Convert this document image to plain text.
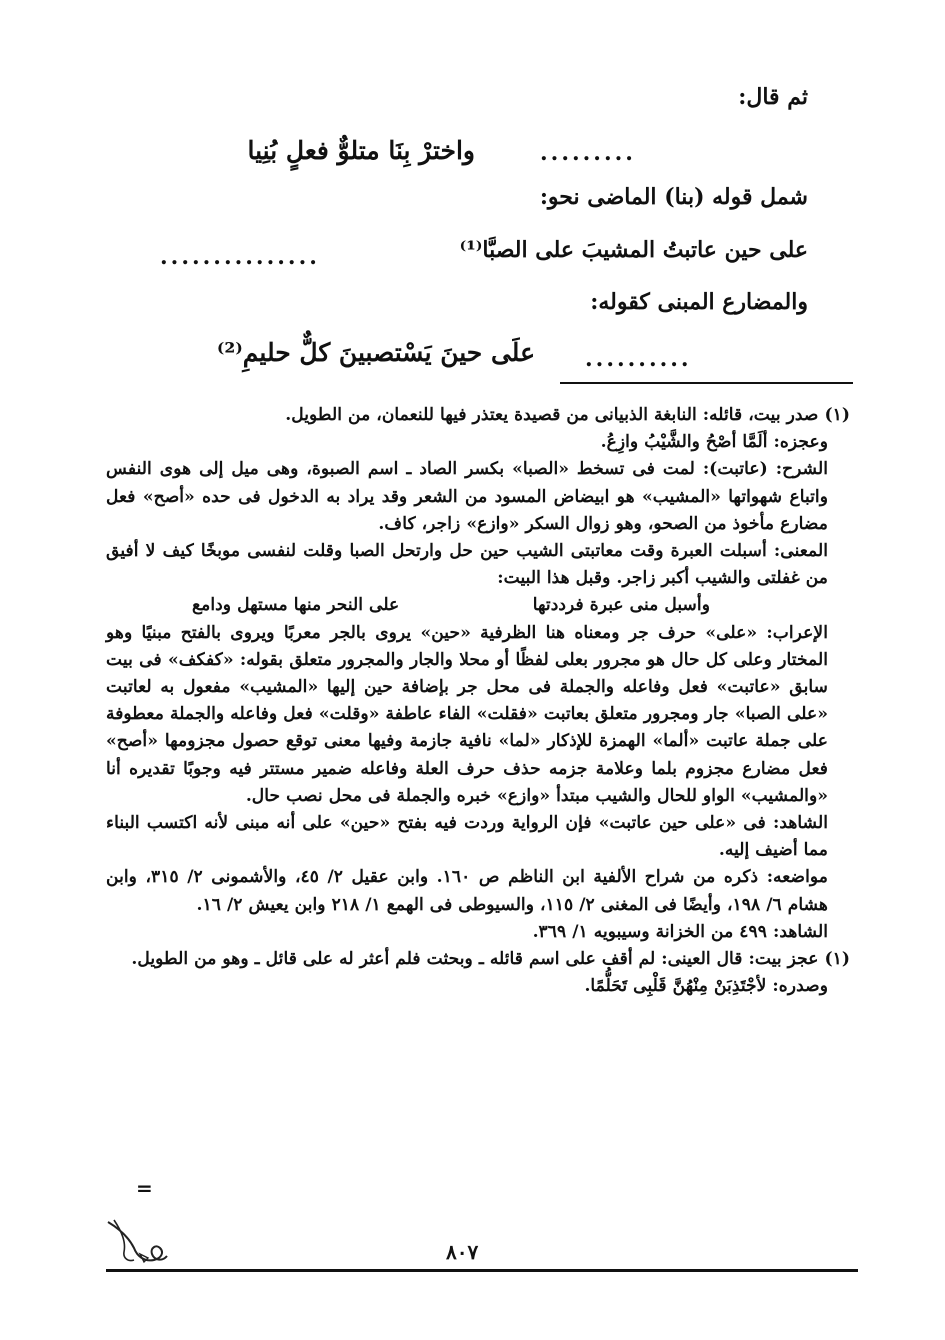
ثم قال:
واخترْ بِنَا متلوٌّ فعلٍ بُنِيا	.........
شمل قوله (بنا) الماضى نحو:
على حين عاتبتُ المشيبَ على الصبَّا⁽¹⁾
...............
والمضارع المبنى كقوله:
علَى حينَ يَسْتصبينَ كلٌّ حليمِ⁽²⁾ ..........

(١) صدر بيت، قائله: النابغة الذبيانى من قصيدة يعتذر فيها للنعمان، من الطويل.

وعجزه: ألَمَّا أصْحُ والشَّيْبُ وازِعُ.

الشرح: (عاتبت): لمت فى تسخط «الصبا» بكسر الصاد ـ اسم الصبوة، وهى ميل إلى هوى النفس واتباع شهواتها «المشيب» هو ابيضاض المسود من الشعر وقد يراد به الدخول فى حده «أصح» فعل مضارع مأخوذ من الصحو، وهو زوال السكر «وازع» زاجر، كاف.

المعنى: أسبلت العبرة وقت معاتبتى الشيب حين حل وارتحل الصبا وقلت لنفسى موبخًا كيف لا أفيق من غفلتى والشيب أكبر زاجر. وقبل هذا البيت:

وأسبل منى عبرة فرددتها
على النحر منها مستهل ودامع

الإعراب: «على» حرف جر ومعناه هنا الظرفية «حين» يروى بالجر معربًا ويروى بالفتح مبنيًا وهو المختار وعلى كل حال هو مجرور بعلى لفظًا أو محلا والجار والمجرور متعلق بقوله: «كفكف» فى بيت سابق «عاتبت» فعل وفاعله والجملة فى محل جر بإضافة حين إليها «المشيب» مفعول به لعاتبت «على الصبا» جار ومجرور متعلق بعاتبت «فقلت» الفاء عاطفة «وقلت» فعل وفاعله والجملة معطوفة على جملة عاتبت «ألما» الهمزة للإذكار «لما» نافية جازمة وفيها معنى توقع حصول مجزومها «أصح» فعل مضارع مجزوم بلما وعلامة جزمه حذف حرف العلة وفاعله ضمير مستتر فيه وجوبًا تقديره أنا «والمشيب» الواو للحال والشيب مبتدأ «وازع» خبره والجملة فى محل نصب حال.

الشاهد: فى «على حين عاتبت» فإن الرواية وردت فيه بفتح «حين» على أنه مبنى لأنه اكتسب البناء مما أضيف إليه.

مواضعه: ذكره من شراح الألفية ابن الناظم ص ١٦٠. وابن عقيل ٢/ ٤٥، والأشمونى ٢/ ٣١٥، وابن هشام ٦/ ١٩٨، وأيضًا فى المغنى ٢/ ١١٥، والسيوطى فى الهمع ١/ ٢١٨ وابن يعيش ٢/ ١٦.

الشاهد: ٤٩٩ من الخزانة وسيبويه ١/ ٣٦٩.

(١) عجز بيت: قال العينى: لم أقف على اسم قائله ـ وبحثت فلم أعثر له على قائل ـ وهو من الطويل.

وصدره: لأجْتَذِبَنْ مِنْهُنَّ قَلْبِى تَحَلُّمًا.

=
٨٠٧
